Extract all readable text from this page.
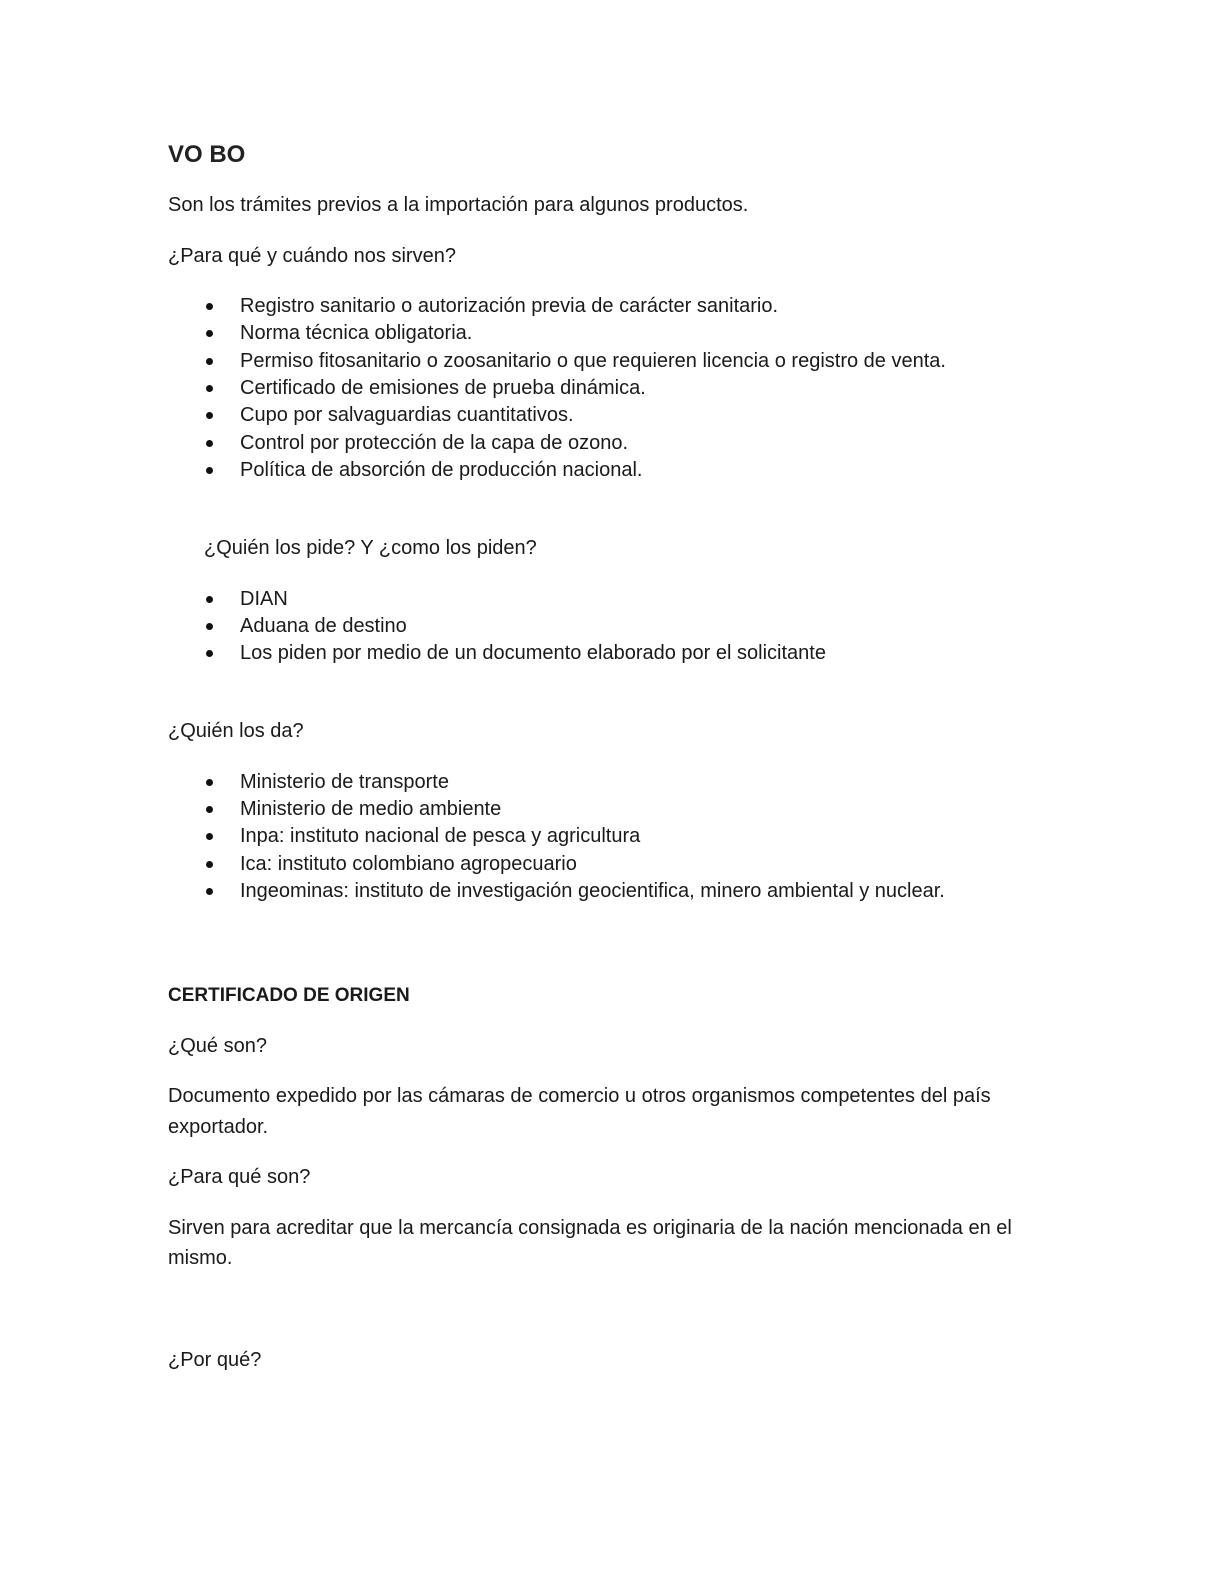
VO BO
Son los trámites previos a la importación para algunos productos.
¿Para qué y cuándo nos sirven?
Registro sanitario o autorización previa de carácter sanitario.
Norma técnica obligatoria.
Permiso fitosanitario o zoosanitario o que requieren licencia o registro de venta.
Certificado de emisiones de prueba dinámica.
Cupo por salvaguardias cuantitativos.
Control por protección de la capa de ozono.
Política de absorción de producción nacional.
¿Quién los pide? Y ¿como los piden?
DIAN
Aduana de destino
Los piden por medio de un documento elaborado por el solicitante
¿Quién los da?
Ministerio de transporte
Ministerio de medio ambiente
Inpa: instituto nacional de pesca y agricultura
Ica: instituto colombiano agropecuario
Ingeominas: instituto de investigación geocientifica, minero ambiental y nuclear.
CERTIFICADO DE ORIGEN
¿Qué son?
Documento expedido por las cámaras de comercio u otros organismos competentes del país
exportador.
¿Para qué son?
Sirven para acreditar que la mercancía consignada es originaria de la nación mencionada en el
mismo.
¿Por qué?
